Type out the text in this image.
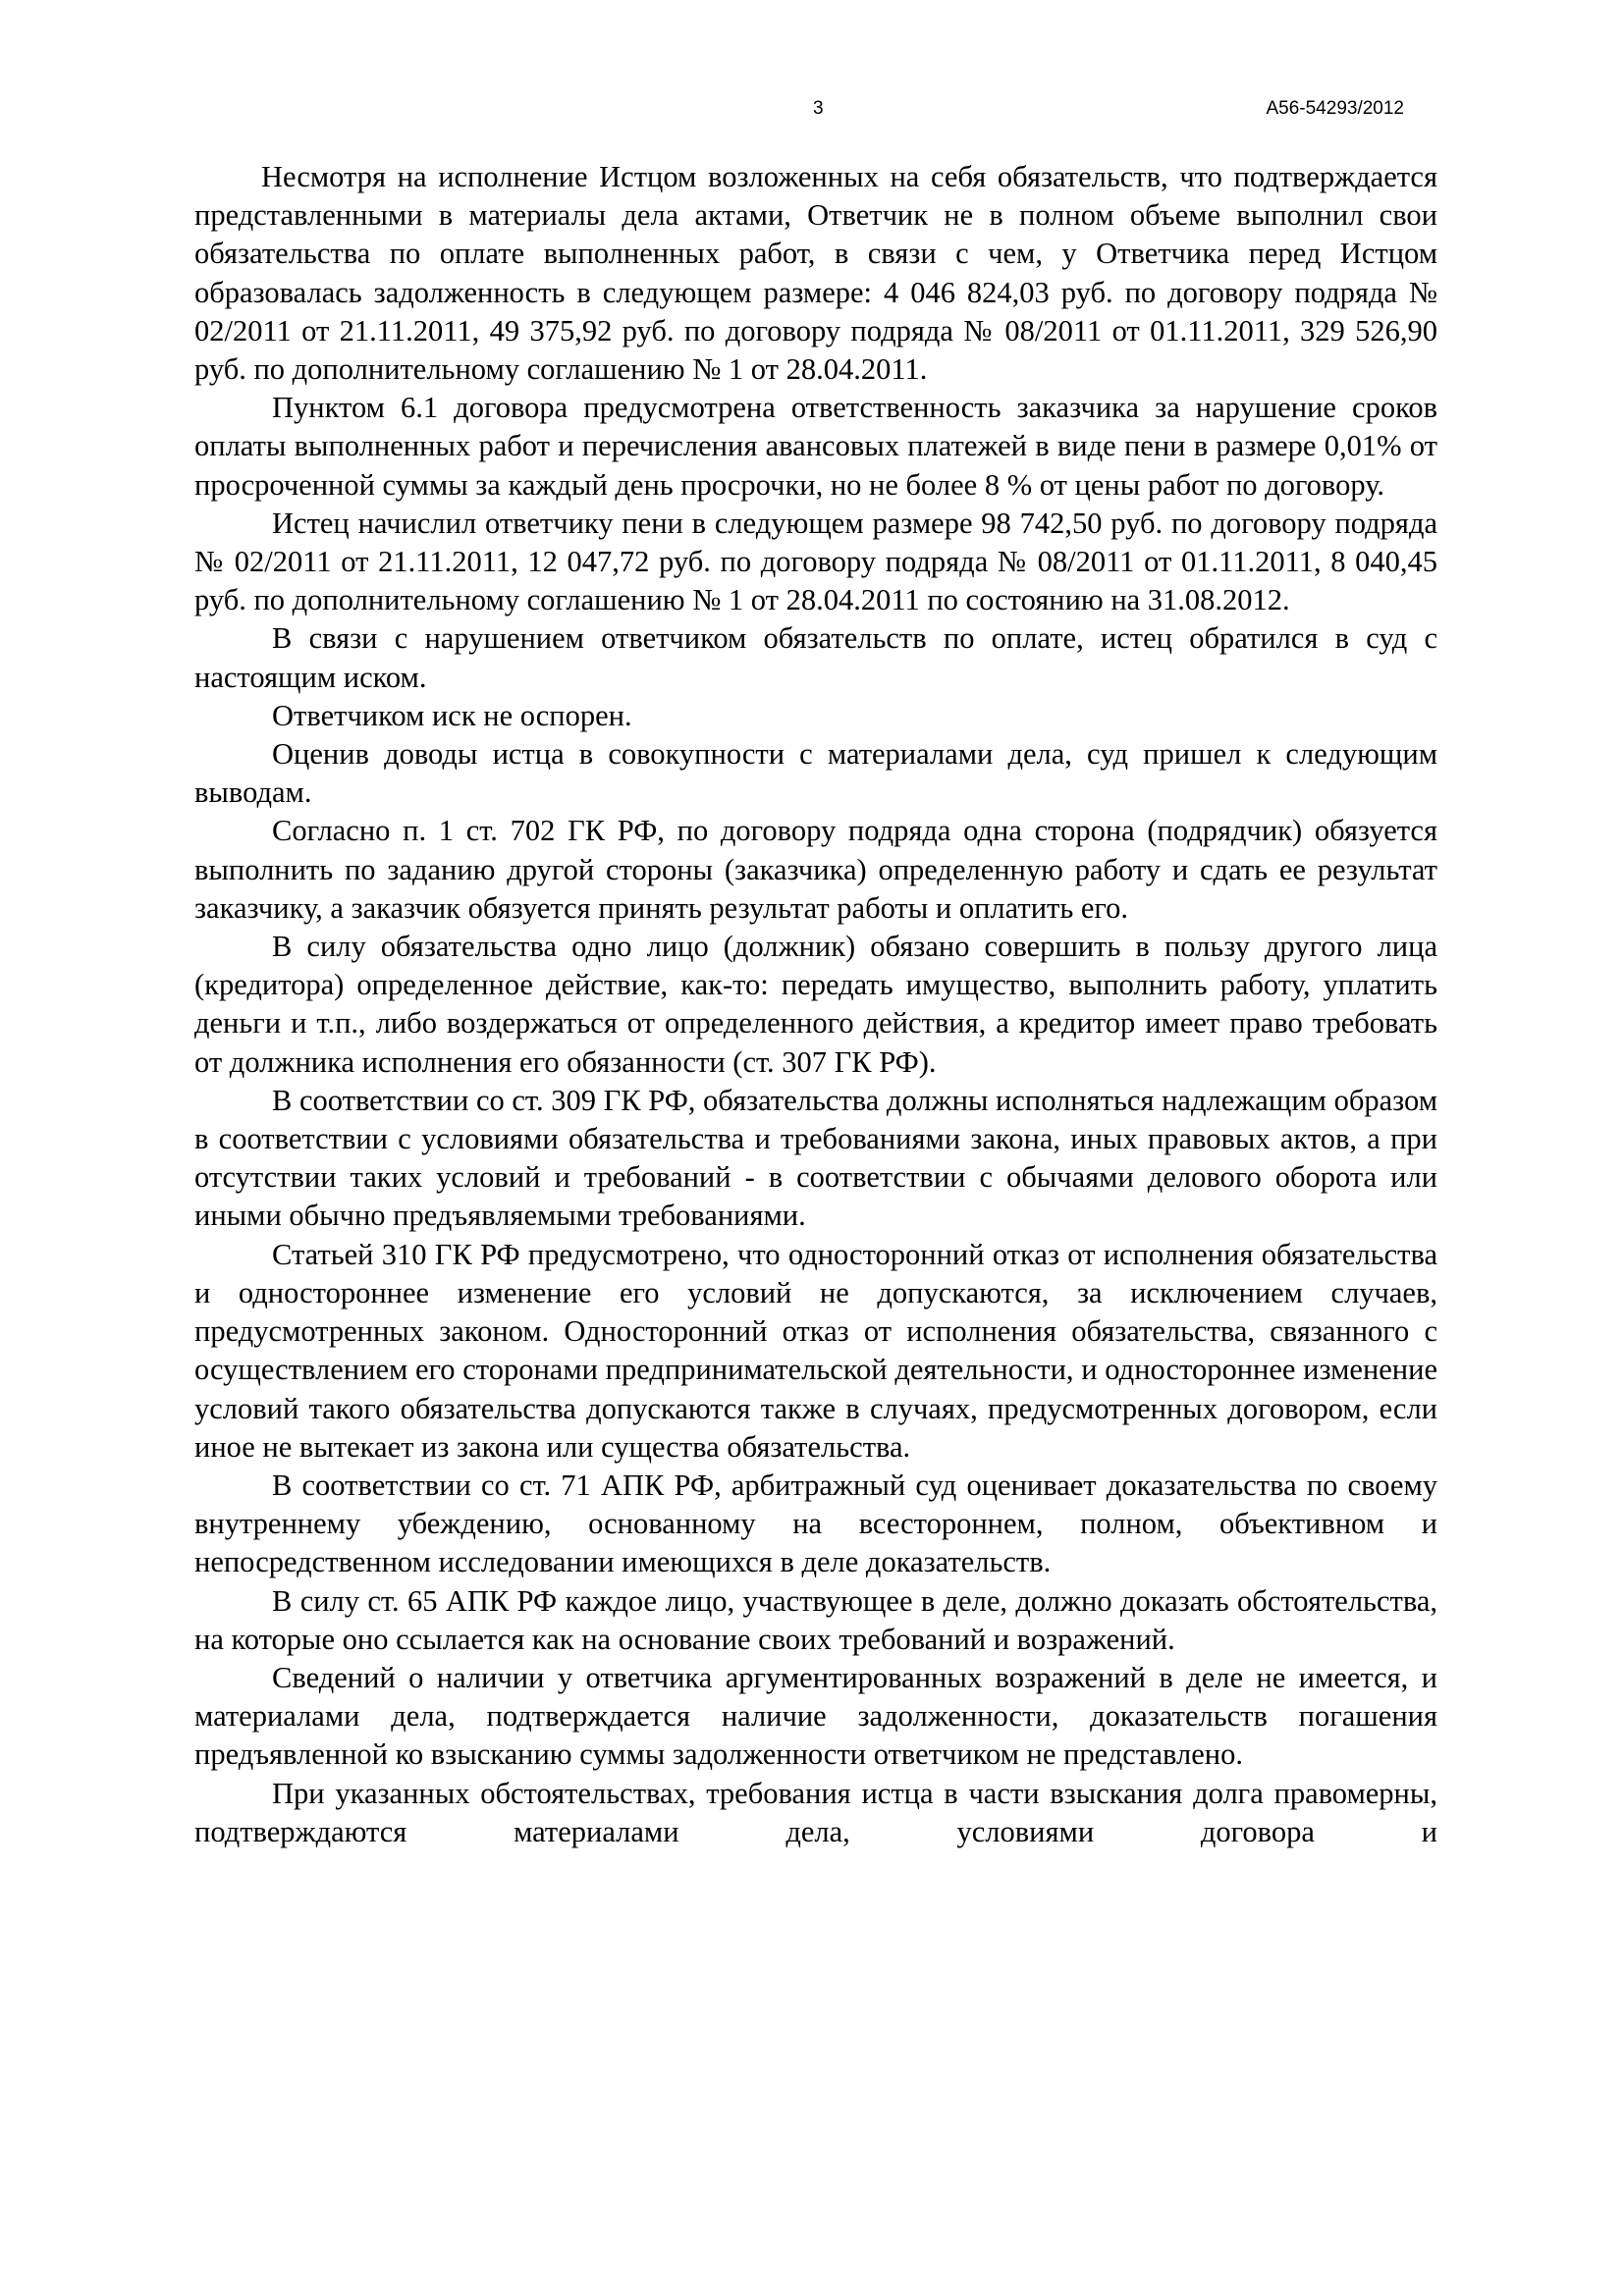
3	А56-54293/2012

Несмотря на исполнение Истцом возложенных на себя обязательств, что подтверждается представленными в материалы дела актами, Ответчик не в полном объеме выполнил свои обязательства по оплате выполненных работ, в связи с чем, у Ответчика перед Истцом образовалась задолженность в следующем размере: 4 046 824,03 руб. по договору подряда № 02/2011 от 21.11.2011, 49 375,92 руб. по договору подряда № 08/2011 от 01.11.2011, 329 526,90 руб. по дополнительному соглашению № 1 от 28.04.2011.

Пунктом 6.1 договора предусмотрена ответственность заказчика за нарушение сроков оплаты выполненных работ и перечисления авансовых платежей в виде пени в размере 0,01% от просроченной суммы за каждый день просрочки, но не более 8 % от цены работ по договору.

Истец начислил ответчику пени в следующем размере 98 742,50 руб. по договору подряда № 02/2011 от 21.11.2011, 12 047,72 руб. по договору подряда № 08/2011 от 01.11.2011, 8 040,45 руб. по дополнительному соглашению № 1 от 28.04.2011 по состоянию на 31.08.2012.

В связи с нарушением ответчиком обязательств по оплате, истец обратился в суд с настоящим иском.

Ответчиком иск не оспорен.

Оценив доводы истца в совокупности с материалами дела, суд пришел к следующим выводам.

Согласно п. 1 ст. 702 ГК РФ, по договору подряда одна сторона (подрядчик) обязуется выполнить по заданию другой стороны (заказчика) определенную работу и сдать ее результат заказчику, а заказчик обязуется принять результат работы и оплатить его.

В силу обязательства одно лицо (должник) обязано совершить в пользу другого лица (кредитора) определенное действие, как-то: передать имущество, выполнить работу, уплатить деньги и т.п., либо воздержаться от определенного действия, а кредитор имеет право требовать от должника исполнения его обязанности (ст. 307 ГК РФ).

В соответствии со ст. 309 ГК РФ, обязательства должны исполняться надлежащим образом в соответствии с условиями обязательства и требованиями закона, иных правовых актов, а при отсутствии таких условий и требований - в соответствии с обычаями делового оборота или иными обычно предъявляемыми требованиями.

Статьей 310 ГК РФ предусмотрено, что односторонний отказ от исполнения обязательства и одностороннее изменение его условий не допускаются, за исключением случаев, предусмотренных законом. Односторонний отказ от исполнения обязательства, связанного с осуществлением его сторонами предпринимательской деятельности, и одностороннее изменение условий такого обязательства допускаются также в случаях, предусмотренных договором, если иное не вытекает из закона или существа обязательства.

В соответствии со ст. 71 АПК РФ, арбитражный суд оценивает доказательства по своему внутреннему убеждению, основанному на всестороннем, полном, объективном и непосредственном исследовании имеющихся в деле доказательств.

В силу ст. 65 АПК РФ каждое лицо, участвующее в деле, должно доказать обстоятельства, на которые оно ссылается как на основание своих требований и возражений.

Сведений о наличии у ответчика аргументированных возражений в деле не имеется, и материалами дела, подтверждается наличие задолженности, доказательств погашения предъявленной ко взысканию суммы задолженности ответчиком не представлено.

При указанных обстоятельствах, требования истца в части взыскания долга правомерны, подтверждаются материалами дела, условиями договора и
